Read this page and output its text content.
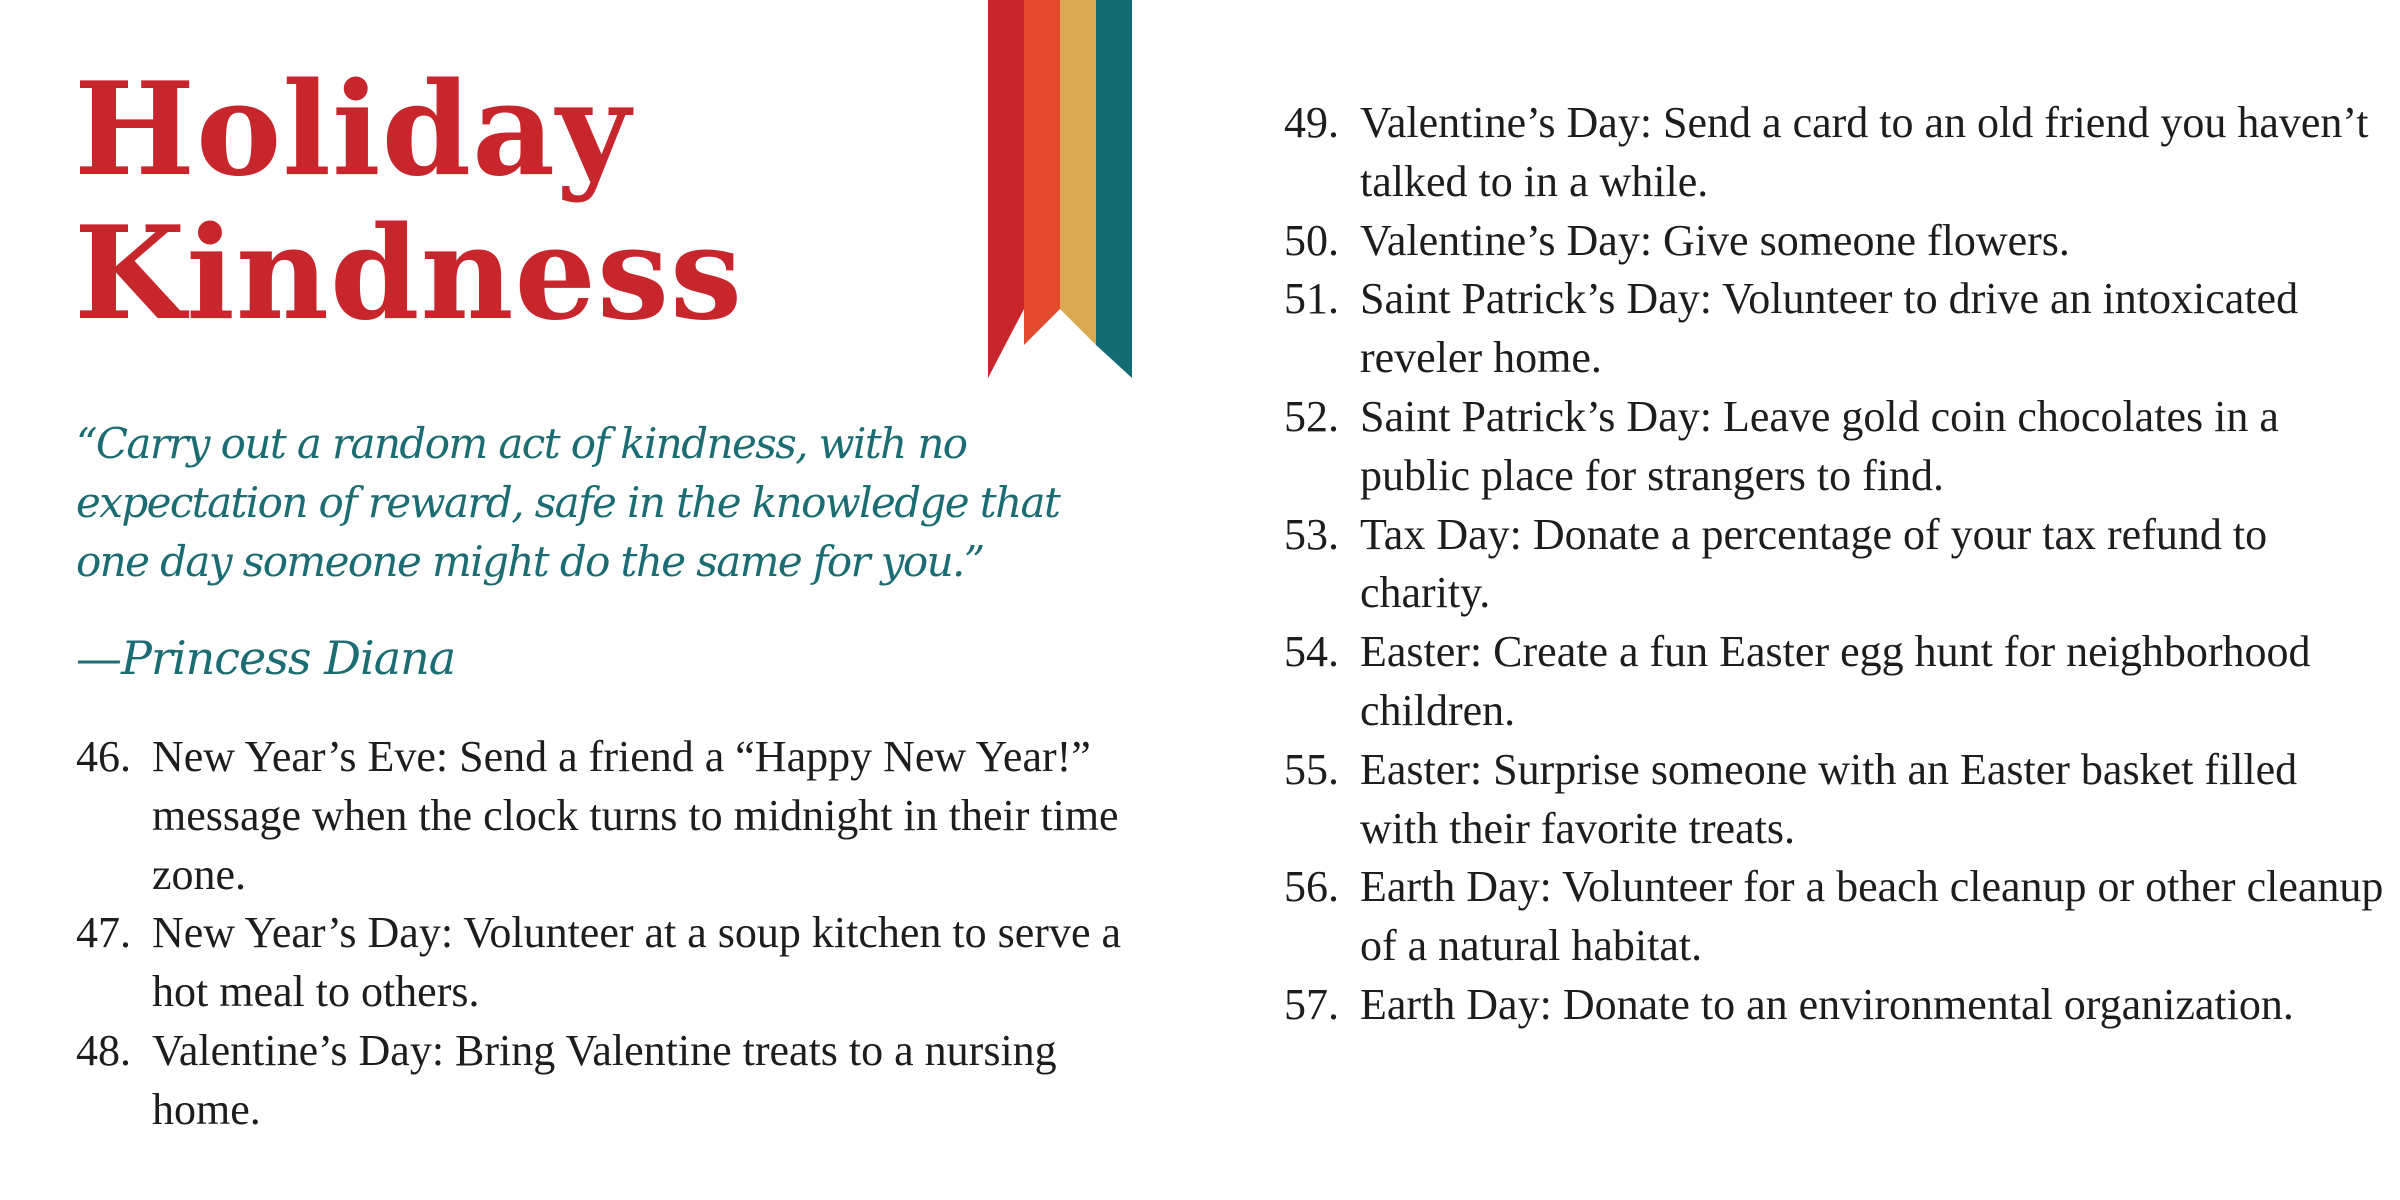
Holiday
Kindness

“Carry out a random act of kindness, with no expectation of reward, safe in the knowledge that one day someone might do the same for you.”

—Princess Diana

46. New Year’s Eve: Send a friend a “Happy New Year!” message when the clock turns to midnight in their time zone.
47. New Year’s Day: Volunteer at a soup kitchen to serve a hot meal to others.
48. Valentine’s Day: Bring Valentine treats to a nursing home.
49. Valentine’s Day: Send a card to an old friend you haven’t talked to in a while.
50. Valentine’s Day: Give someone flowers.
51. Saint Patrick’s Day: Volunteer to drive an intoxicated reveler home.
52. Saint Patrick’s Day: Leave gold coin chocolates in a public place for strangers to find.
53. Tax Day: Donate a percentage of your tax refund to charity.
54. Easter: Create a fun Easter egg hunt for neighborhood children.
55. Easter: Surprise someone with an Easter basket filled with their favorite treats.
56. Earth Day: Volunteer for a beach cleanup or other cleanup of a natural habitat.
57. Earth Day: Donate to an environmental organization.
